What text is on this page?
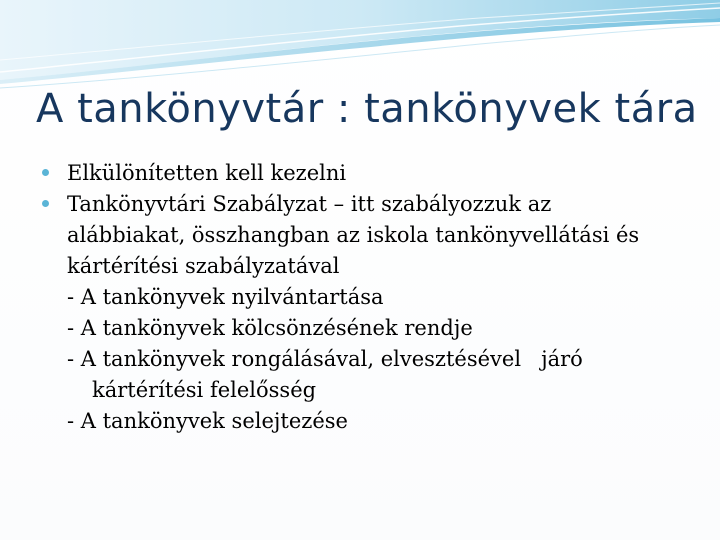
A tankönyvtár : tankönyvek tára
Elkülönítetten kell kezelni
Tankönyvtári Szabályzat – itt szabályozzuk az
alábbiakat, összhangban az iskola tankönyvellátási és
kártérítési szabályzatával
- A tankönyvek nyilvántartása
- A tankönyvek kölcsönzésének rendje
- A tankönyvek rongálásával, elvesztésével   járó
kártérítési felelősség
- A tankönyvek selejtezése
